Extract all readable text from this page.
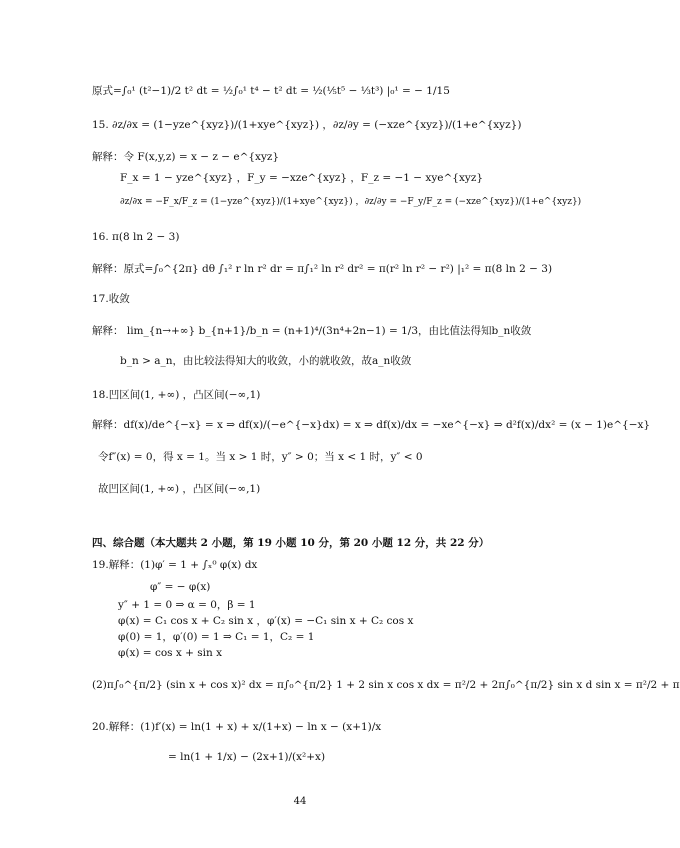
原式=∫₀¹ (t²−1)/2 t² dt = ½∫₀¹ t⁴ − t² dt = ½(⅕t⁵ − ⅓t³) |₀¹ = − 1/15
15. ∂z/∂x = (1−yze^{xyz})/(1+xye^{xyz}) ，∂z/∂y = (−xze^{xyz})/(1+e^{xyz})
解释：令 F(x,y,z) = x − z − e^{xyz}
F_x = 1 − yze^{xyz} ，F_y = −xze^{xyz} ，F_z = −1 − xye^{xyz}
∂z/∂x = −F_x/F_z = (1−yze^{xyz})/(1+xye^{xyz}) ，∂z/∂y = −F_y/F_z = (−xze^{xyz})/(1+e^{xyz})
16. π(8 ln 2 − 3)
解释：原式=∫₀^{2π} dθ ∫₁² r ln r² dr = π∫₁² ln r² dr² = π(r² ln r² − r²) |₁² = π(8 ln 2 − 3)
17.收敛
解释： lim_{n→+∞} b_{n+1}/b_n = (n+1)⁴/(3n⁴+2n−1) = 1/3，由比值法得知b_n收敛
b_n > a_n，由比较法得知大的收敛，小的就收敛，故a_n收敛
18.凹区间(1, +∞) ，凸区间(−∞,1)
解释：df(x)/de^{−x} = x ⇒ df(x)/(−e^{−x}dx) = x ⇒ df(x)/dx = −xe^{−x} ⇒ d²f(x)/dx² = (x − 1)e^{−x}
令f″(x) = 0，得 x = 1。当 x > 1 时，y″ > 0；当 x < 1 时，y″ < 0
故凹区间(1, +∞) ，凸区间(−∞,1)
四、综合题（本大题共 2 小题，第 19 小题 10 分，第 20 小题 12 分，共 22 分）
19.解释：(1)φ′ = 1 + ∫ₓ⁰ φ(x) dx
φ″ = − φ(x)
y″ + 1 = 0 ⇒ α = 0，β = 1
φ(x) = C₁ cos x + C₂ sin x ，φ′(x) = −C₁ sin x + C₂ cos x
φ(0) = 1，φ′(0) = 1 ⇒ C₁ = 1，C₂ = 1
φ(x) = cos x + sin x
(2)π∫₀^{π/2} (sin x + cos x)² dx = π∫₀^{π/2} 1 + 2 sin x cos x dx = π²/2 + 2π∫₀^{π/2} sin x d sin x = π²/2 + π
20.解释：(1)f′(x) = ln(1 + x) + x/(1+x) − ln x − (x+1)/x
= ln(1 + 1/x) − (2x+1)/(x²+x)
44
